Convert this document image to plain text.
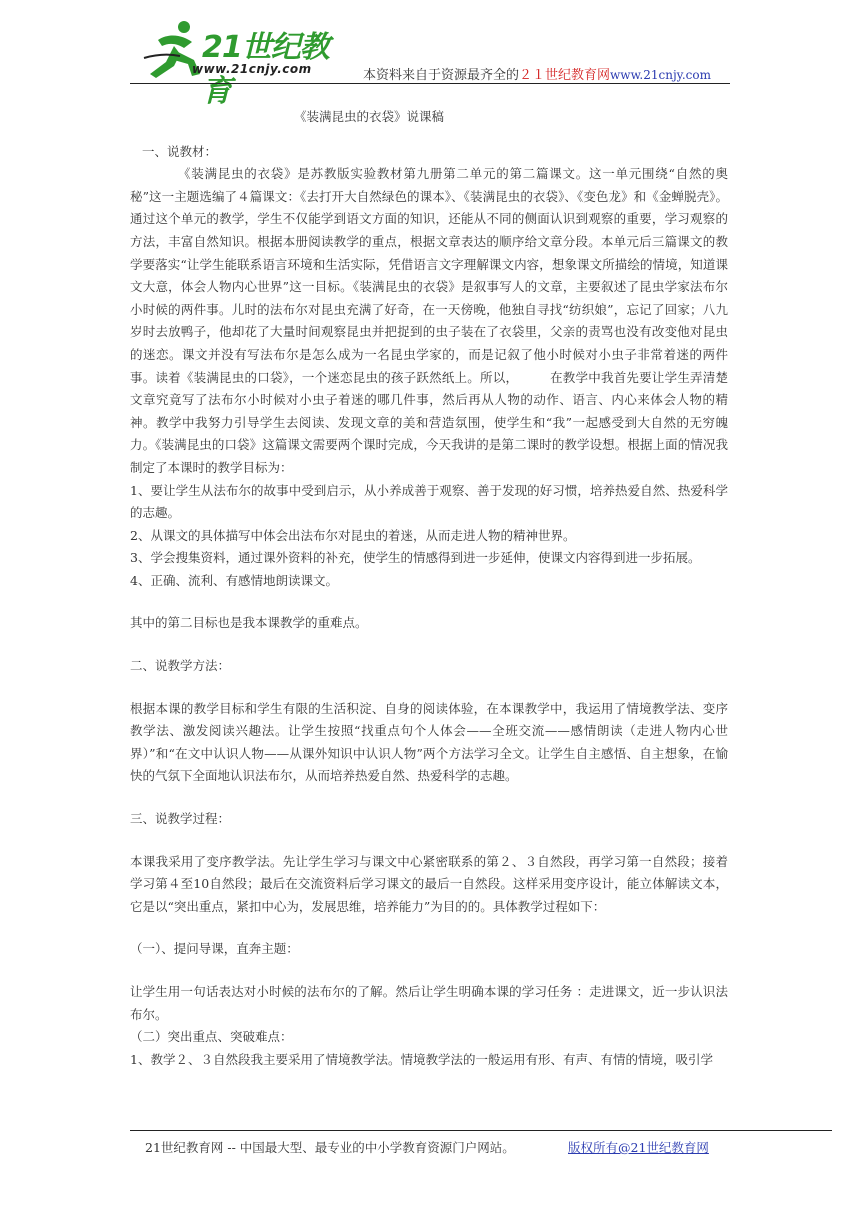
21世纪教育
www.21cnjy.com	本资料来自于资源最齐全的２１世纪教育网www.21cnjy.com
《装满昆虫的衣袋》说课稿
一、说教材：
《装满昆虫的衣袋》是苏教版实验教材第九册第二单元的第二篇课文。这一单元围绕“自然的奥秘”这一主题选编了４篇课文：《去打开大自然绿色的课本》、《装满昆虫的衣袋》、《变色龙》和《金蝉脱壳》。通过这个单元的教学，学生不仅能学到语文方面的知识，还能从不同的侧面认识到观察的重要，学习观察的方法，丰富自然知识。根据本册阅读教学的重点，根据文章表达的顺序给文章分段。本单元后三篇课文的教学要落实“让学生能联系语言环境和生活实际，凭借语言文字理解课文内容，想象课文所描绘的情境，知道课文大意，体会人物内心世界”这一目标。《装满昆虫的衣袋》是叙事写人的文章，主要叙述了昆虫学家法布尔小时候的两件事。儿时的法布尔对昆虫充满了好奇，在一天傍晚，他独自寻找“纺织娘”，忘记了回家；八九岁时去放鸭子，他却花了大量时间观察昆虫并把捉到的虫子装在了衣袋里，父亲的责骂也没有改变他对昆虫的迷恋。课文并没有写法布尔是怎么成为一名昆虫学家的，而是记叙了他小时候对小虫子非常着迷的两件事。读着《装满昆虫的口袋》，一个迷恋昆虫的孩子跃然纸上。所以，　　　在教学中我首先要让学生弄清楚文章究竟写了法布尔小时候对小虫子着迷的哪几件事，然后再从人物的动作、语言、内心来体会人物的精神。教学中我努力引导学生去阅读、发现文章的美和营造氛围，使学生和“我”一起感受到大自然的无穷魄力。《装满昆虫的口袋》这篇课文需要两个课时完成，今天我讲的是第二课时的教学设想。根据上面的情况我制定了本课时的教学目标为：
1、要让学生从法布尔的故事中受到启示，从小养成善于观察、善于发现的好习惯，培养热爱自然、热爱科学的志趣。
2、从课文的具体描写中体会出法布尔对昆虫的着迷，从而走进人物的精神世界。
3、学会搜集资料，通过课外资料的补充，使学生的情感得到进一步延伸，使课文内容得到进一步拓展。
4、正确、流利、有感情地朗读课文。
其中的第二目标也是我本课教学的重难点。
二、说教学方法：
根据本课的教学目标和学生有限的生活积淀、自身的阅读体验，在本课教学中，我运用了情境教学法、变序教学法、激发阅读兴趣法。让学生按照“找重点句个人体会——全班交流——感情朗读（走进人物内心世界）”和“在文中认识人物——从课外知识中认识人物”两个方法学习全文。让学生自主感悟、自主想象，在愉快的气氛下全面地认识法布尔，从而培养热爱自然、热爱科学的志趣。
三、说教学过程：
本课我采用了变序教学法。先让学生学习与课文中心紧密联系的第２、３自然段，再学习第一自然段；接着学习第４至10自然段；最后在交流资料后学习课文的最后一自然段。这样采用变序设计，能立体解读文本，它是以“突出重点，紧扣中心为，发展思维，培养能力”为目的的。具体教学过程如下：
（一）、提问导课，直奔主题：
让学生用一句话表达对小时候的法布尔的了解。然后让学生明确本课的学习任务 ：走进课文，近一步认识法布尔。
（二）突出重点、突破难点：
1、教学２、３自然段我主要采用了情境教学法。情境教学法的一般运用有形、有声、有情的情境，吸引学
21世纪教育网 -- 中国最大型、最专业的中小学教育资源门户网站。	版权所有@21世纪教育网
